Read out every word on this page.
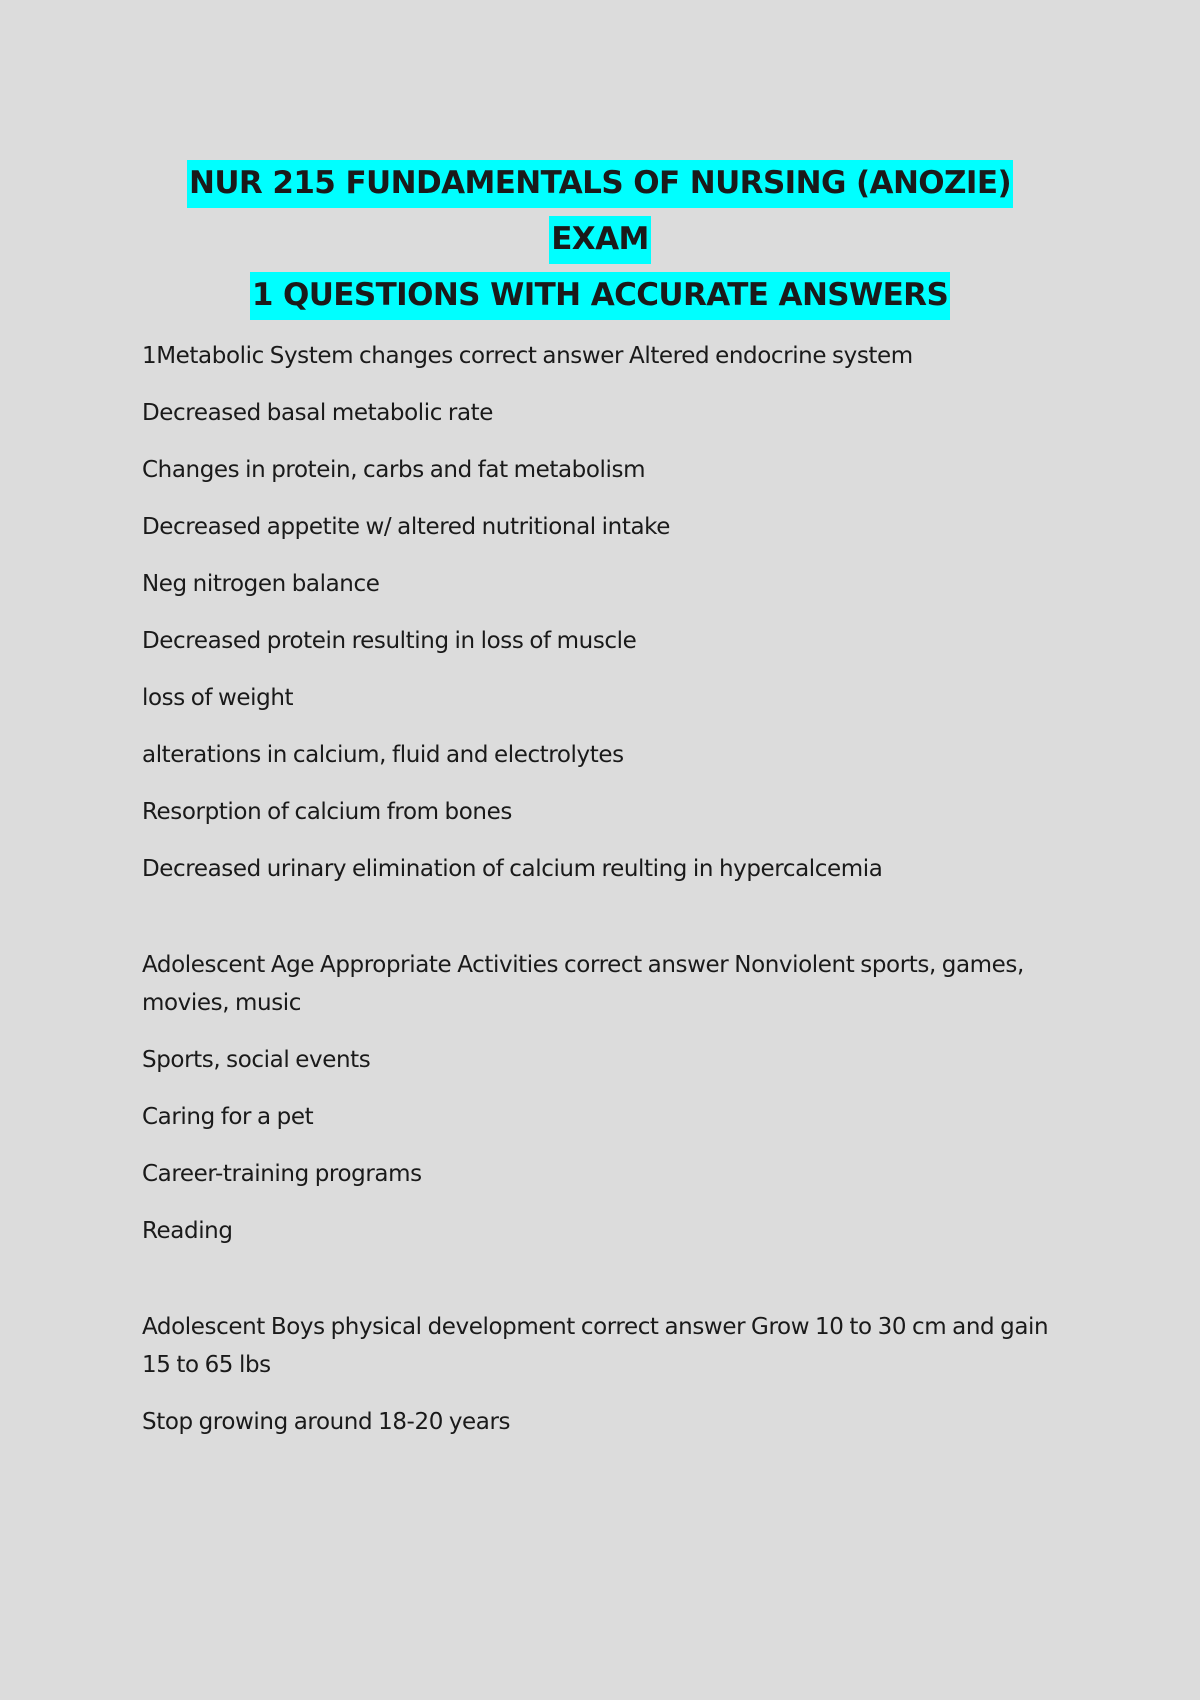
NUR 215 FUNDAMENTALS OF NURSING (ANOZIE) EXAM
1 QUESTIONS WITH ACCURATE ANSWERS

1Metabolic System changes correct answer Altered endocrine system

Decreased basal metabolic rate

Changes in protein, carbs and fat metabolism

Decreased appetite w/ altered nutritional intake

Neg nitrogen balance

Decreased protein resulting in loss of muscle

loss of weight

alterations in calcium, fluid and electrolytes

Resorption of calcium from bones

Decreased urinary elimination of calcium reulting in hypercalcemia

Adolescent Age Appropriate Activities correct answer Nonviolent sports, games, movies, music

Sports, social events

Caring for a pet

Career-training programs

Reading

Adolescent Boys physical development correct answer Grow 10 to 30 cm and gain 15 to 65 lbs

Stop growing around 18-20 years
